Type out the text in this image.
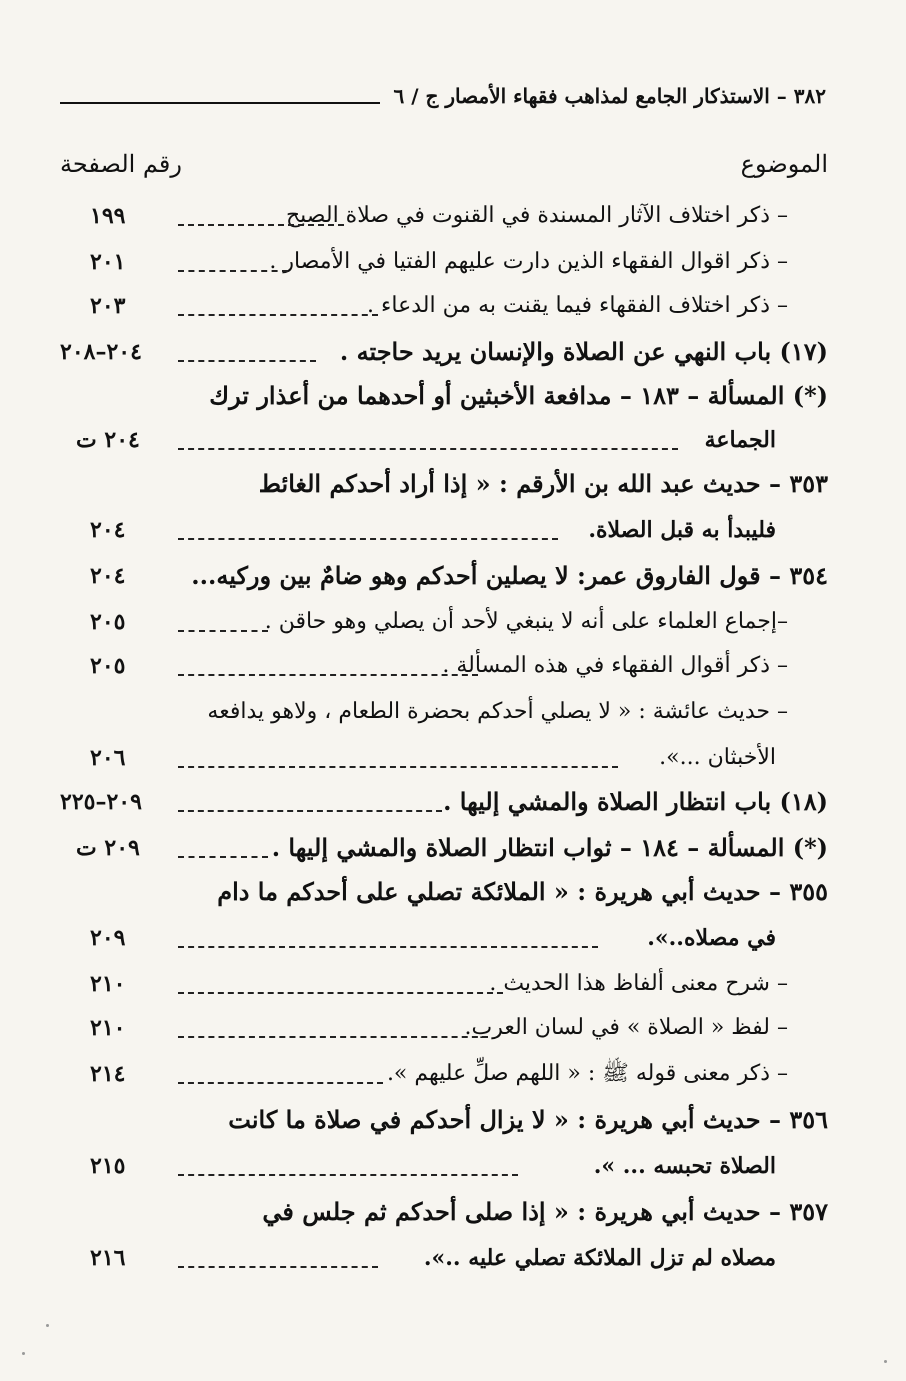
٣٨٢ – الاستذكار الجامع لمذاهب فقهاء الأمصار ج / ٦
الموضوع
رقم الصفحة
– ذكر اختلاف الآثار المسندة في القنوت في صلاة الصبح
١٩٩
– ذكر اقوال الفقهاء الذين دارت عليهم الفتيا في الأمصار .
٢٠١
– ذكر اختلاف الفقهاء فيما يقنت به من الدعاء .
٢٠٣
(١٧) باب النهي عن الصلاة والإنسان يريد حاجته .
٢٠٤–٢٠٨
(*) المسألة – ١٨٣ – مدافعة الأخبثين أو أحدهما من أعذار ترك
الجماعة
٢٠٤ ت
٣٥٣ – حديث عبد الله بن الأرقم : « إذا أراد أحدكم الغائط
فليبدأ به قبل الصلاة.
٢٠٤
٣٥٤ – قول الفاروق عمر: لا يصلين أحدكم وهو ضامٌ بين وركيه...
٢٠٤
–إجماع العلماء على أنه لا ينبغي لأحد أن يصلي وهو حاقن .
٢٠٥
– ذكر أقوال الفقهاء في هذه المسألة .
٢٠٥
– حديث عائشة : « لا يصلي أحدكم بحضرة الطعام ، ولاهو يدافعه
الأخبثان ...».
٢٠٦
(١٨) باب انتظار الصلاة والمشي إليها .
٢٠٩–٢٢٥
(*) المسألة – ١٨٤ – ثواب انتظار الصلاة والمشي إليها .
٢٠٩ ت
٣٥٥ – حديث أبي هريرة : « الملائكة تصلي على أحدكم ما دام
في مصلاه..».
٢٠٩
– شرح معنى ألفاظ هذا الحديث .
٢١٠
– لفظ « الصلاة » في لسان العرب.
٢١٠
– ذكر معنى قوله ﷺ : « اللهم صلِّ عليهم ».
٢١٤
٣٥٦ – حديث أبي هريرة : « لا يزال أحدكم في صلاة ما كانت
الصلاة تحبسه ... ».
٢١٥
٣٥٧ – حديث أبي هريرة : « إذا صلى أحدكم ثم جلس في
مصلاه لم تزل الملائكة تصلي عليه ..».
٢١٦
